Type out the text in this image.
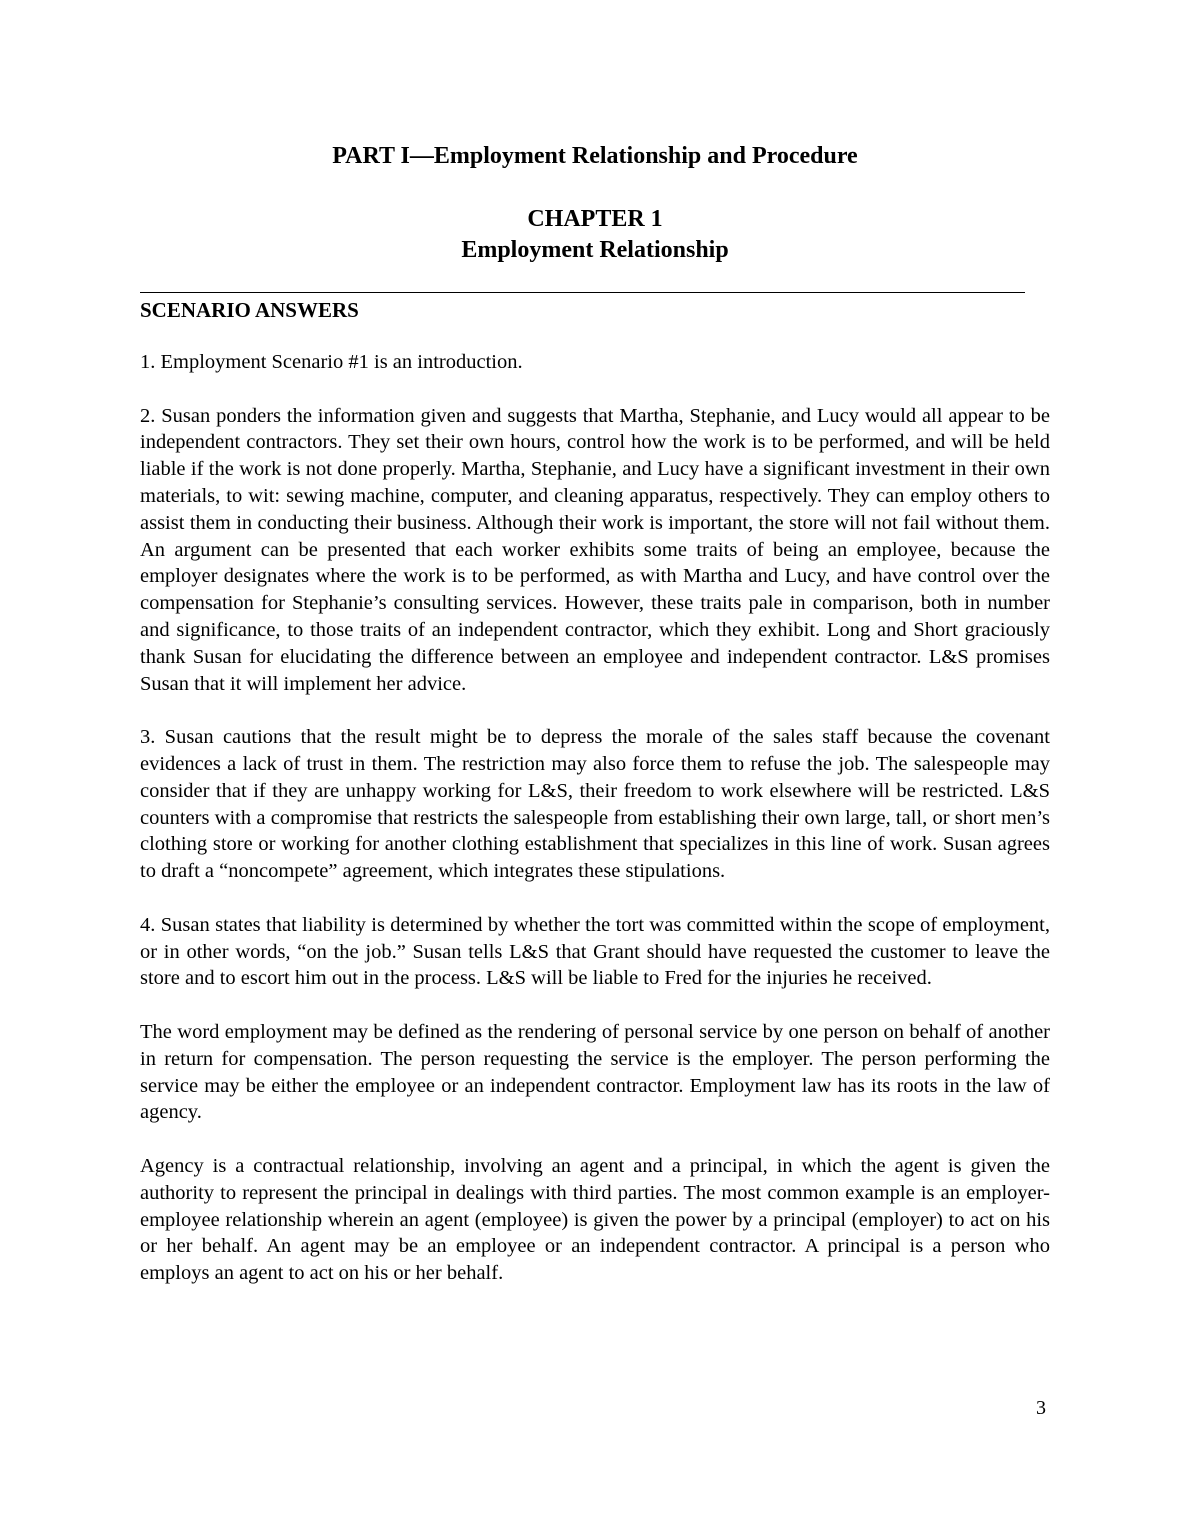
PART I—Employment Relationship and Procedure
CHAPTER 1
Employment Relationship
SCENARIO ANSWERS

1. Employment Scenario #1 is an introduction.

2. Susan ponders the information given and suggests that Martha, Stephanie, and Lucy would all appear to be independent contractors. They set their own hours, control how the work is to be performed, and will be held liable if the work is not done properly. Martha, Stephanie, and Lucy have a significant investment in their own materials, to wit: sewing machine, computer, and cleaning apparatus, respectively. They can employ others to assist them in conducting their business. Although their work is important, the store will not fail without them. An argument can be presented that each worker exhibits some traits of being an employee, because the employer designates where the work is to be performed, as with Martha and Lucy, and have control over the compensation for Stephanie’s consulting services. However, these traits pale in comparison, both in number and significance, to those traits of an independent contractor, which they exhibit. Long and Short graciously thank Susan for elucidating the difference between an employee and independent contractor. L&S promises Susan that it will implement her advice.

3. Susan cautions that the result might be to depress the morale of the sales staff because the covenant evidences a lack of trust in them. The restriction may also force them to refuse the job. The salespeople may consider that if they are unhappy working for L&S, their freedom to work elsewhere will be restricted. L&S counters with a compromise that restricts the salespeople from establishing their own large, tall, or short men’s clothing store or working for another clothing establishment that specializes in this line of work. Susan agrees to draft a “noncompete” agreement, which integrates these stipulations.

4. Susan states that liability is determined by whether the tort was committed within the scope of employment, or in other words, “on the job.” Susan tells L&S that Grant should have requested the customer to leave the store and to escort him out in the process. L&S will be liable to Fred for the injuries he received.

The word employment may be defined as the rendering of personal service by one person on behalf of another in return for compensation. The person requesting the service is the employer. The person performing the service may be either the employee or an independent contractor. Employment law has its roots in the law of agency.

Agency is a contractual relationship, involving an agent and a principal, in which the agent is given the authority to represent the principal in dealings with third parties. The most common example is an employer-employee relationship wherein an agent (employee) is given the power by a principal (employer) to act on his or her behalf. An agent may be an employee or an independent contractor. A principal is a person who employs an agent to act on his or her behalf.

3
